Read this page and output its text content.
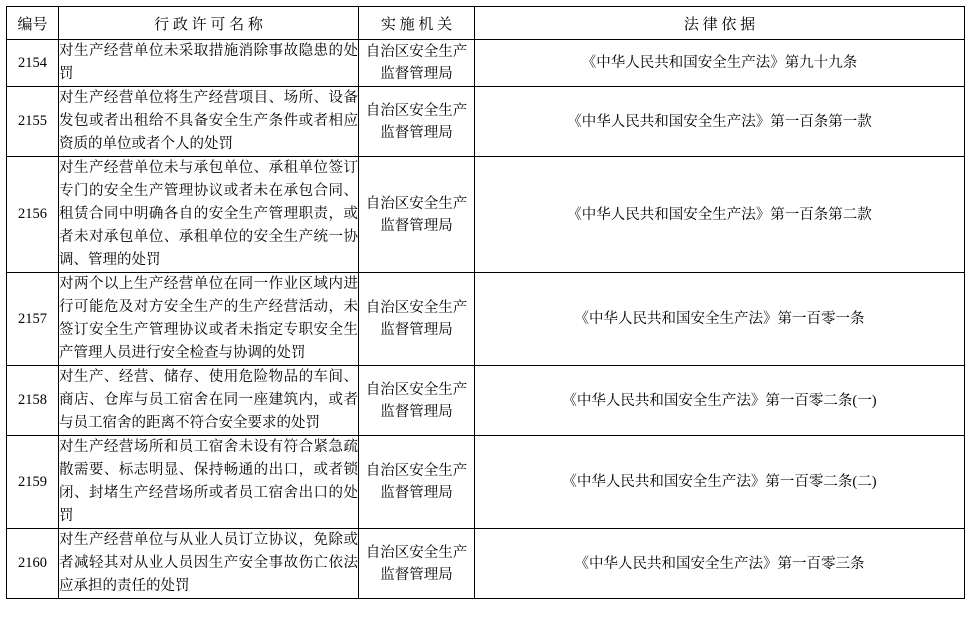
编号	行 政 许 可 名 称	实 施 机 关	法 律 依 据
2154	对生产经营单位未采取措施消除事故隐患的处罚	自治区安全生产
监督管理局	《中华人民共和国安全生产法》第九十九条
2155	对生产经营单位将生产经营项目、场所、设备发包或者出租给不具备安全生产条件或者相应资质的单位或者个人的处罚	自治区安全生产
监督管理局	《中华人民共和国安全生产法》第一百条第一款
2156	对生产经营单位未与承包单位、承租单位签订专门的安全生产管理协议或者未在承包合同、租赁合同中明确各自的安全生产管理职责，或者未对承包单位、承租单位的安全生产统一协调、管理的处罚	自治区安全生产
监督管理局	《中华人民共和国安全生产法》第一百条第二款
2157	对两个以上生产经营单位在同一作业区域内进行可能危及对方安全生产的生产经营活动，未签订安全生产管理协议或者未指定专职安全生产管理人员进行安全检查与协调的处罚	自治区安全生产
监督管理局	《中华人民共和国安全生产法》第一百零一条
2158	对生产、经营、储存、使用危险物品的车间、商店、仓库与员工宿舍在同一座建筑内，或者与员工宿舍的距离不符合安全要求的处罚	自治区安全生产
监督管理局	《中华人民共和国安全生产法》第一百零二条(一)
2159	对生产经营场所和员工宿舍未设有符合紧急疏散需要、标志明显、保持畅通的出口，或者锁闭、封堵生产经营场所或者员工宿舍出口的处罚	自治区安全生产
监督管理局	《中华人民共和国安全生产法》第一百零二条(二)
2160	对生产经营单位与从业人员订立协议，免除或者减轻其对从业人员因生产安全事故伤亡依法应承担的责任的处罚	自治区安全生产
监督管理局	《中华人民共和国安全生产法》第一百零三条
